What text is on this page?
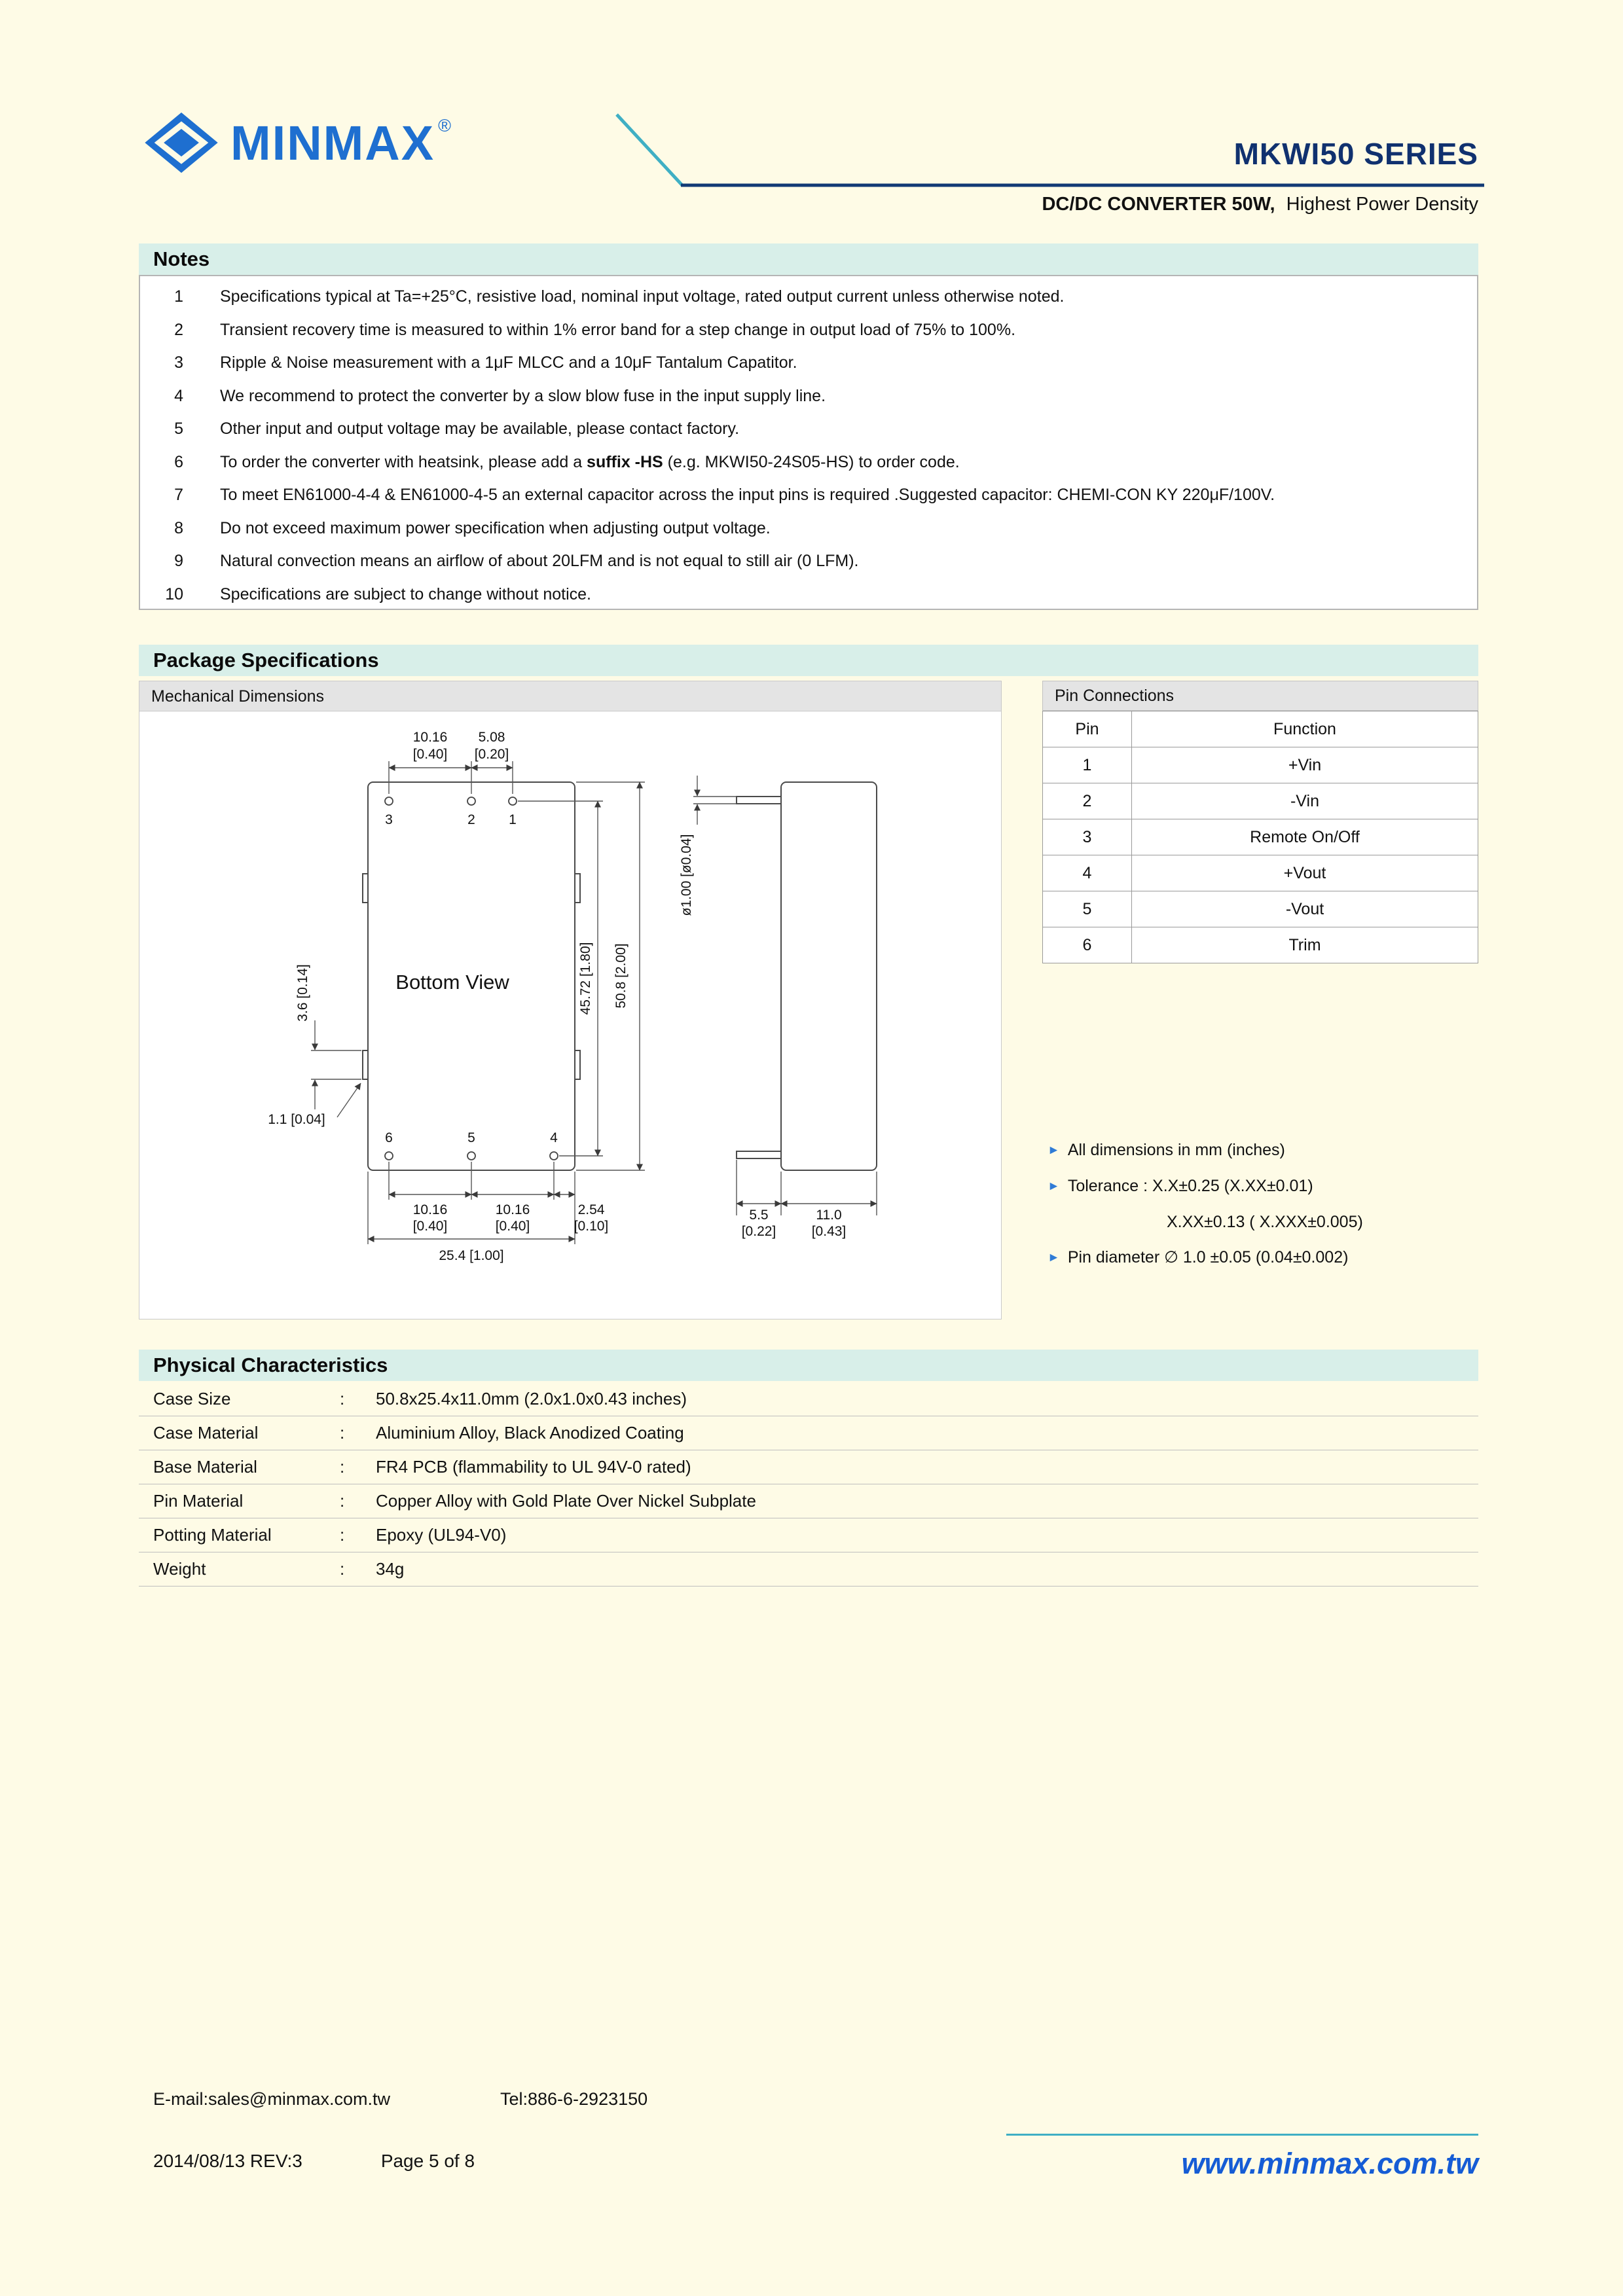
MINMAX ®
MKWI50 SERIES
DC/DC CONVERTER 50W, Highest Power Density
Notes
1 Specifications typical at Ta=+25°C, resistive load, nominal input voltage, rated output current unless otherwise noted.
2 Transient recovery time is measured to within 1% error band for a step change in output load of 75% to 100%.
3 Ripple & Noise measurement with a 1μF MLCC and a 10μF Tantalum Capatitor.
4 We recommend to protect the converter by a slow blow fuse in the input supply line.
5 Other input and output voltage may be available, please contact factory.
6 To order the converter with heatsink, please add a suffix -HS (e.g. MKWI50-24S05-HS) to order code.
7 To meet EN61000-4-4 & EN61000-4-5 an external capacitor across the input pins is required .Suggested capacitor: CHEMI-CON KY 220μF/100V.
8 Do not exceed maximum power specification when adjusting output voltage.
9 Natural convection means an airflow of about 20LFM and is not equal to still air (0 LFM).
10 Specifications are subject to change without notice.
Package Specifications
Mechanical Dimensions
10.16
[0.40]
5.08
[0.20]
3	2 1
6	5	4
Bottom View
10.16
[0.40]
10.16
[0.40]
2.54
[0.10]
25.4 [1.00]
45.72 [1.80] 50.8 [2.00]
ø1.00 [ø0.04]
3.6 [0.14]
1.1 [0.04]
5.5
[0.22]
11.0
[0.43]
Pin Connections
Pin	Function
1	+Vin
2	-Vin
3	Remote On/Off
4	+Vout
5	-Vout
6	Trim
► All dimensions in mm (inches)
► Tolerance : X.X±0.25 (X.XX±0.01)
X.XX±0.13 ( X.XXX±0.005)
► Pin diameter ∅ 1.0 ±0.05 (0.04±0.002)
Physical Characteristics
Case Size	: 50.8x25.4x11.0mm (2.0x1.0x0.43 inches)
Case Material	: Aluminium Alloy, Black Anodized Coating
Base Material	: FR4 PCB (flammability to UL 94V-0 rated)
Pin Material	: Copper Alloy with Gold Plate Over Nickel Subplate
Potting Material	: Epoxy (UL94-V0)
Weight	: 34g
E-mail:sales@minmax.com.tw	Tel:886-6-2923150
2014/08/13 REV:3	Page 5 of 8	www.minmax.com.tw
